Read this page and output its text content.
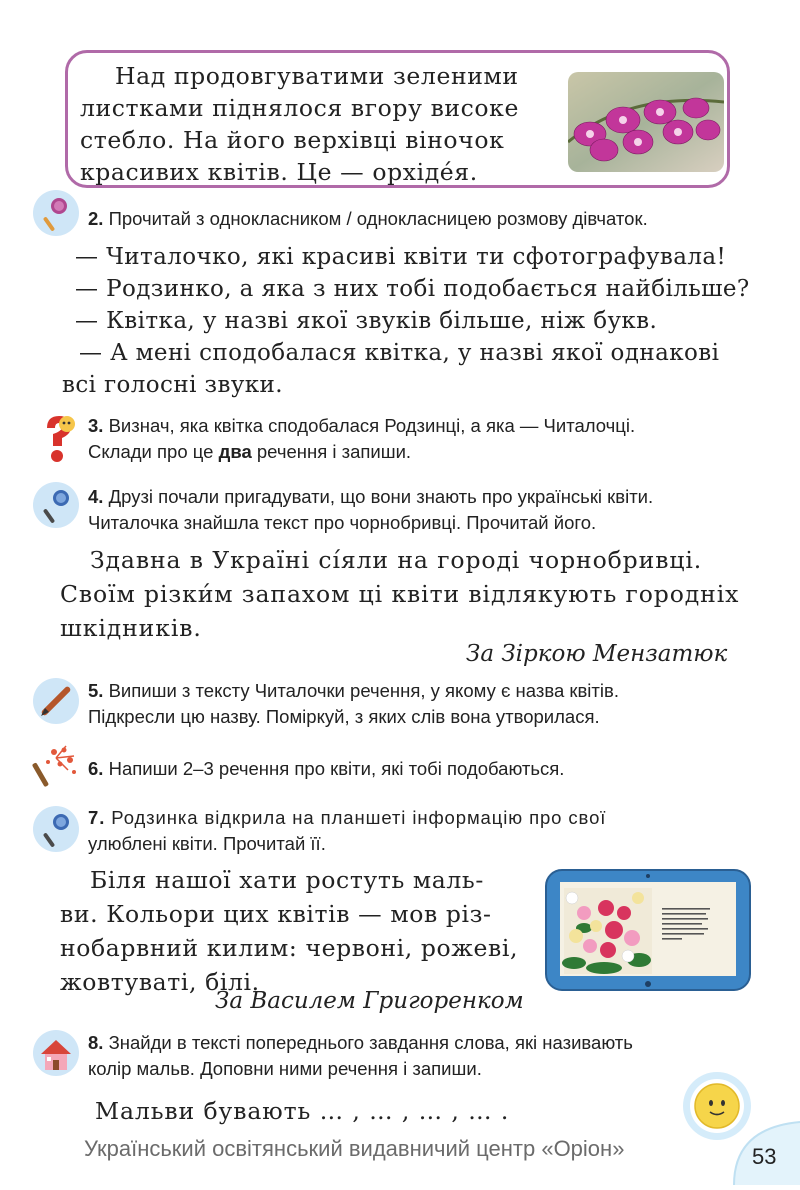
Над продовгуватими зеленими

листками піднялося вгору високе

стебло. На його верхівці віночок

красивих квітів. Це — орхіде́я.

2. Прочитай з однокласником / однокласницею розмову дівчаток.

— Читалочко, які красиві квіти ти сфотографувала!

— Родзинко, а яка з них тобі подобається найбільше?

— Квітка, у назві якої звуків більше, ніж букв.

— А мені сподобалася квітка, у назві якої однакові

всі голосні звуки.

3. Визнач, яка квітка сподобалася Родзинці, а яка — Читалочці.
Склади про це два речення і запиши.
4. Друзі почали пригадувати, що вони знають про українські квіти.
Читалочка знайшла текст про чорнобривці. Прочитай його.
Здавна в Україні сі́яли на городі чорнобривці.
Своїм різки́м запахом ці квіти відлякують городніх
шкідників.
За Зіркою Мензатюк
5. Випиши з тексту Читалочки речення, у якому є назва квітів.
Підкресли цю назву. Поміркуй, з яких слів вона утворилася.
6. Напиши 2–3 речення про квіти, які тобі подобаються.
7. Родзинка відкрила на планшеті інформацію про свої
улюблені квіти. Прочитай її.
Біля нашої хати ростуть маль-
ви. Кольори цих квітів — мов різ-
нобарвний килим: червоні, рожеві,
жовтуваті, білі.
За Василем Григоренком
8. Знайди в тексті попереднього завдання слова, які називають
колір мальв. Доповни ними речення і запиши.
Мальви бувають … , … , … , … .
Український освітянський видавничий центр «Оріон»	53
